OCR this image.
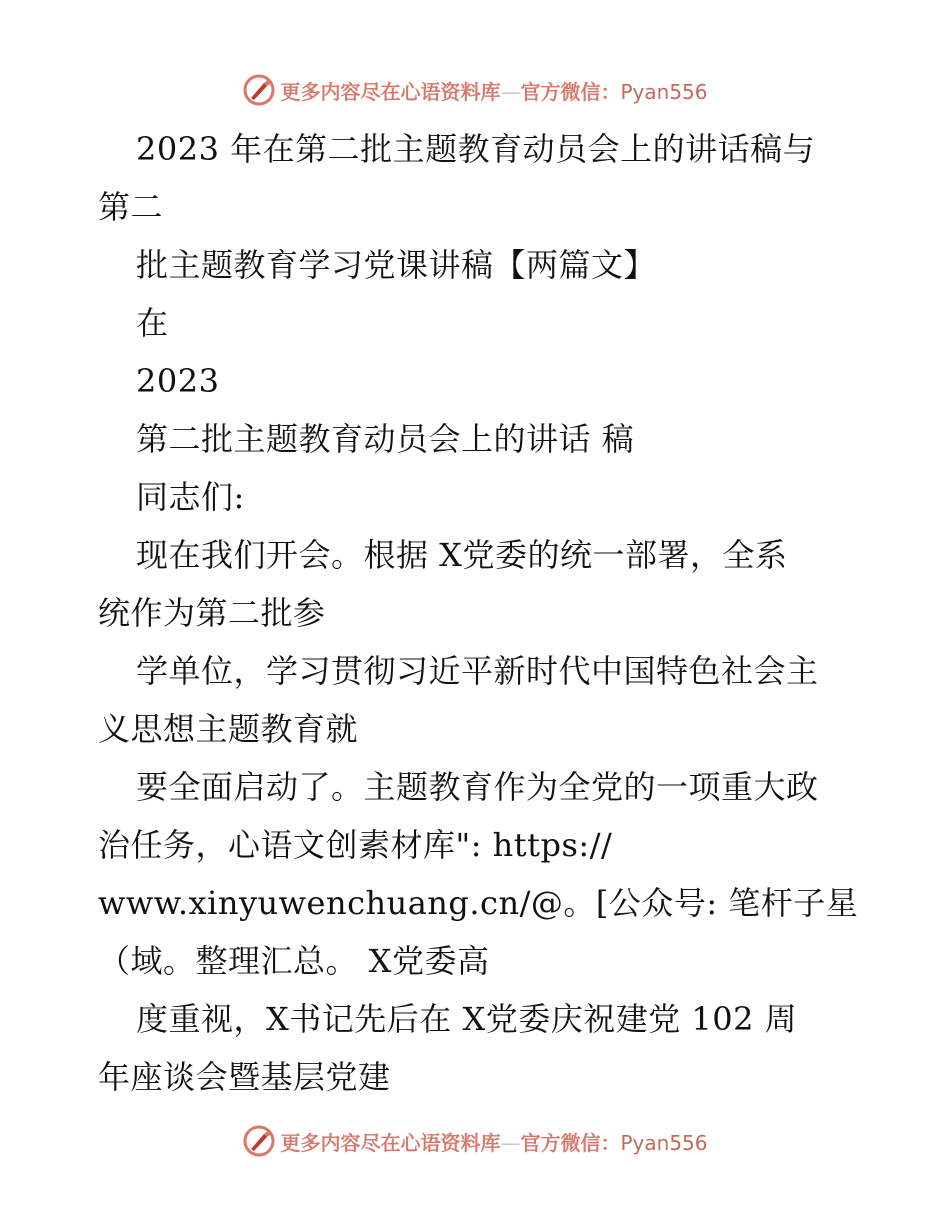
更多内容尽在心语资料库—官方微信：Pyan556
2023 年在第二批主题教育动员会上的讲话稿与
第二
批主题教育学习党课讲稿【两篇文】
在
2023
第二批主题教育动员会上的讲话 稿
同志们:
现在我们开会。根据 X党委的统一部署，全系
统作为第二批参
学单位，学习贯彻习近平新时代中国特色社会主
义思想主题教育就
要全面启动了。主题教育作为全党的一项重大政
治任务，心语文创素材库": https://
www.xinyuwenchuang.cn/@。[公众号: 笔杆子星
（域。整理汇总。 X党委高
度重视，X书记先后在 X党委庆祝建党 102 周
年座谈会暨基层党建
更多内容尽在心语资料库—官方微信：Pyan556
